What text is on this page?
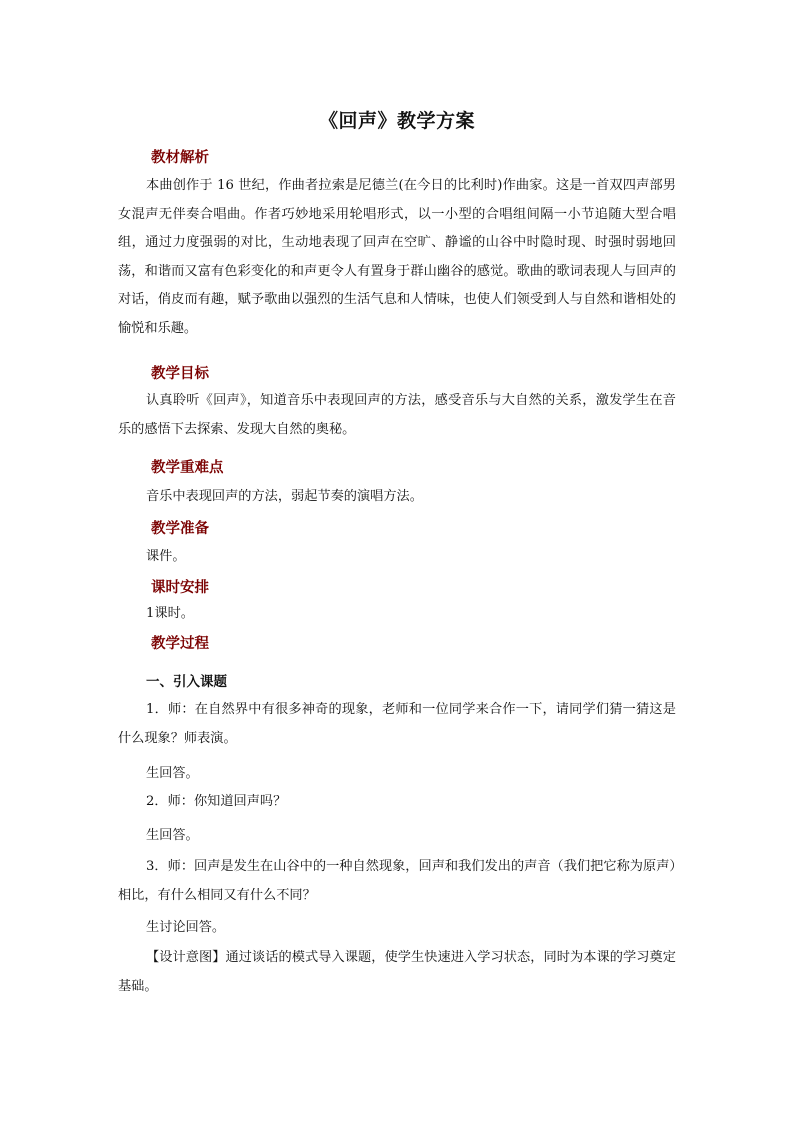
《回声》教学方案
教材解析

本曲创作于 16 世纪，作曲者拉索是尼德兰(在今日的比利时)作曲家。这是一首双四声部男女混声无伴奏合唱曲。作者巧妙地采用轮唱形式，以一小型的合唱组间隔一小节追随大型合唱组，通过力度强弱的对比，生动地表现了回声在空旷、静谧的山谷中时隐时现、时强时弱地回荡，和谐而又富有色彩变化的和声更令人有置身于群山幽谷的感觉。歌曲的歌词表现人与回声的对话，俏皮而有趣，赋予歌曲以强烈的生活气息和人情味，也使人们领受到人与自然和谐相处的愉悦和乐趣。

教学目标

认真聆听《回声》，知道音乐中表现回声的方法，感受音乐与大自然的关系，激发学生在音乐的感悟下去探索、发现大自然的奥秘。

教学重难点

音乐中表现回声的方法，弱起节奏的演唱方法。

教学准备

课件。

课时安排

1课时。

教学过程
一、引入课题

1．师：在自然界中有很多神奇的现象，老师和一位同学来合作一下，请同学们猜一猜这是什么现象？师表演。

生回答。

2．师：你知道回声吗？

生回答。

3．师：回声是发生在山谷中的一种自然现象，回声和我们发出的声音（我们把它称为原声）相比，有什么相同又有什么不同？

生讨论回答。

【设计意图】通过谈话的模式导入课题，使学生快速进入学习状态，同时为本课的学习奠定基础。
